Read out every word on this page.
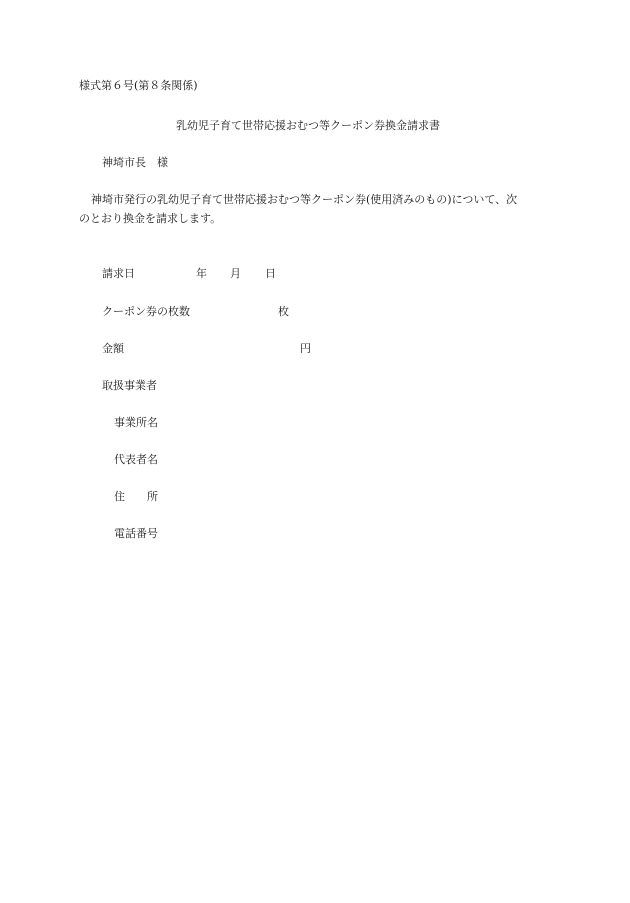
様式第６号(第８条関係)
乳幼児子育て世帯応援おむつ等クーポン券換金請求書
神埼市長　様
神埼市発行の乳幼児子育て世帯応援おむつ等クーポン券(使用済みのもの)について、次
のとおり換金を請求します。
請求日	年 月 日
クーポン券の枚数	枚
金額	円
取扱事業者
事業所名
代表者名
住　　所
電話番号
